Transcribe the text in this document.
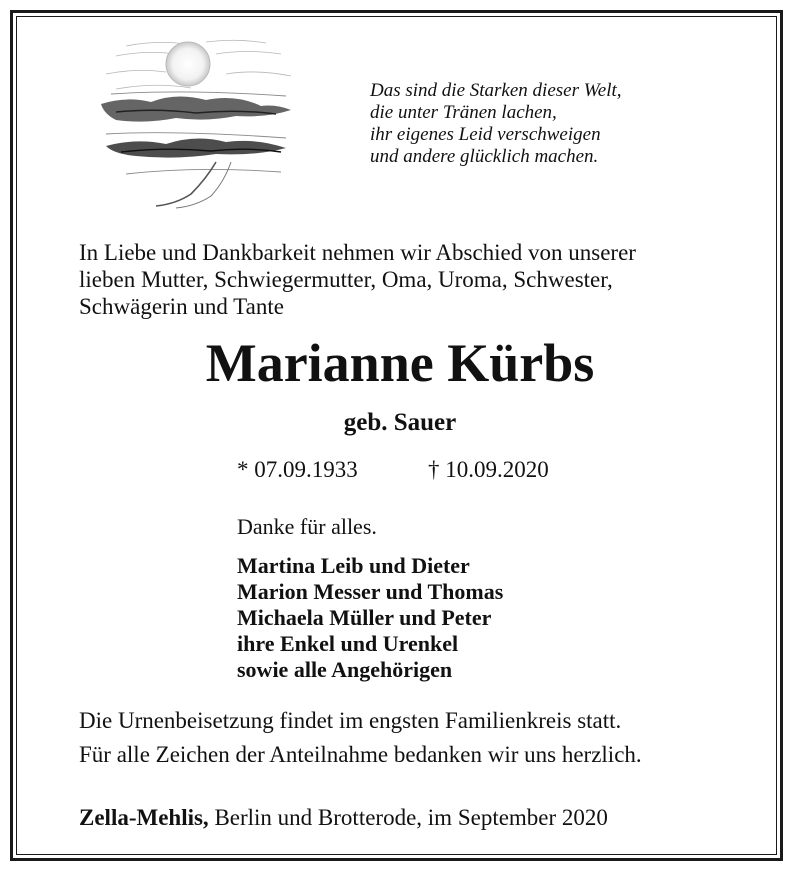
Das sind die Starken dieser Welt,
die unter Tränen lachen,
ihr eigenes Leid verschweigen
und andere glücklich machen.
In Liebe und Dankbarkeit nehmen wir Abschied von unserer
lieben Mutter, Schwiegermutter, Oma, Uroma, Schwester,
Schwägerin und Tante
Marianne Kürbs
geb. Sauer
* 07.09.1933	† 10.09.2020
Danke für alles.
Martina Leib und Dieter
Marion Messer und Thomas
Michaela Müller und Peter
ihre Enkel und Urenkel
sowie alle Angehörigen
Die Urnenbeisetzung findet im engsten Familienkreis statt.
Für alle Zeichen der Anteilnahme bedanken wir uns herzlich.
Zella-Mehlis, Berlin und Brotterode, im September 2020
